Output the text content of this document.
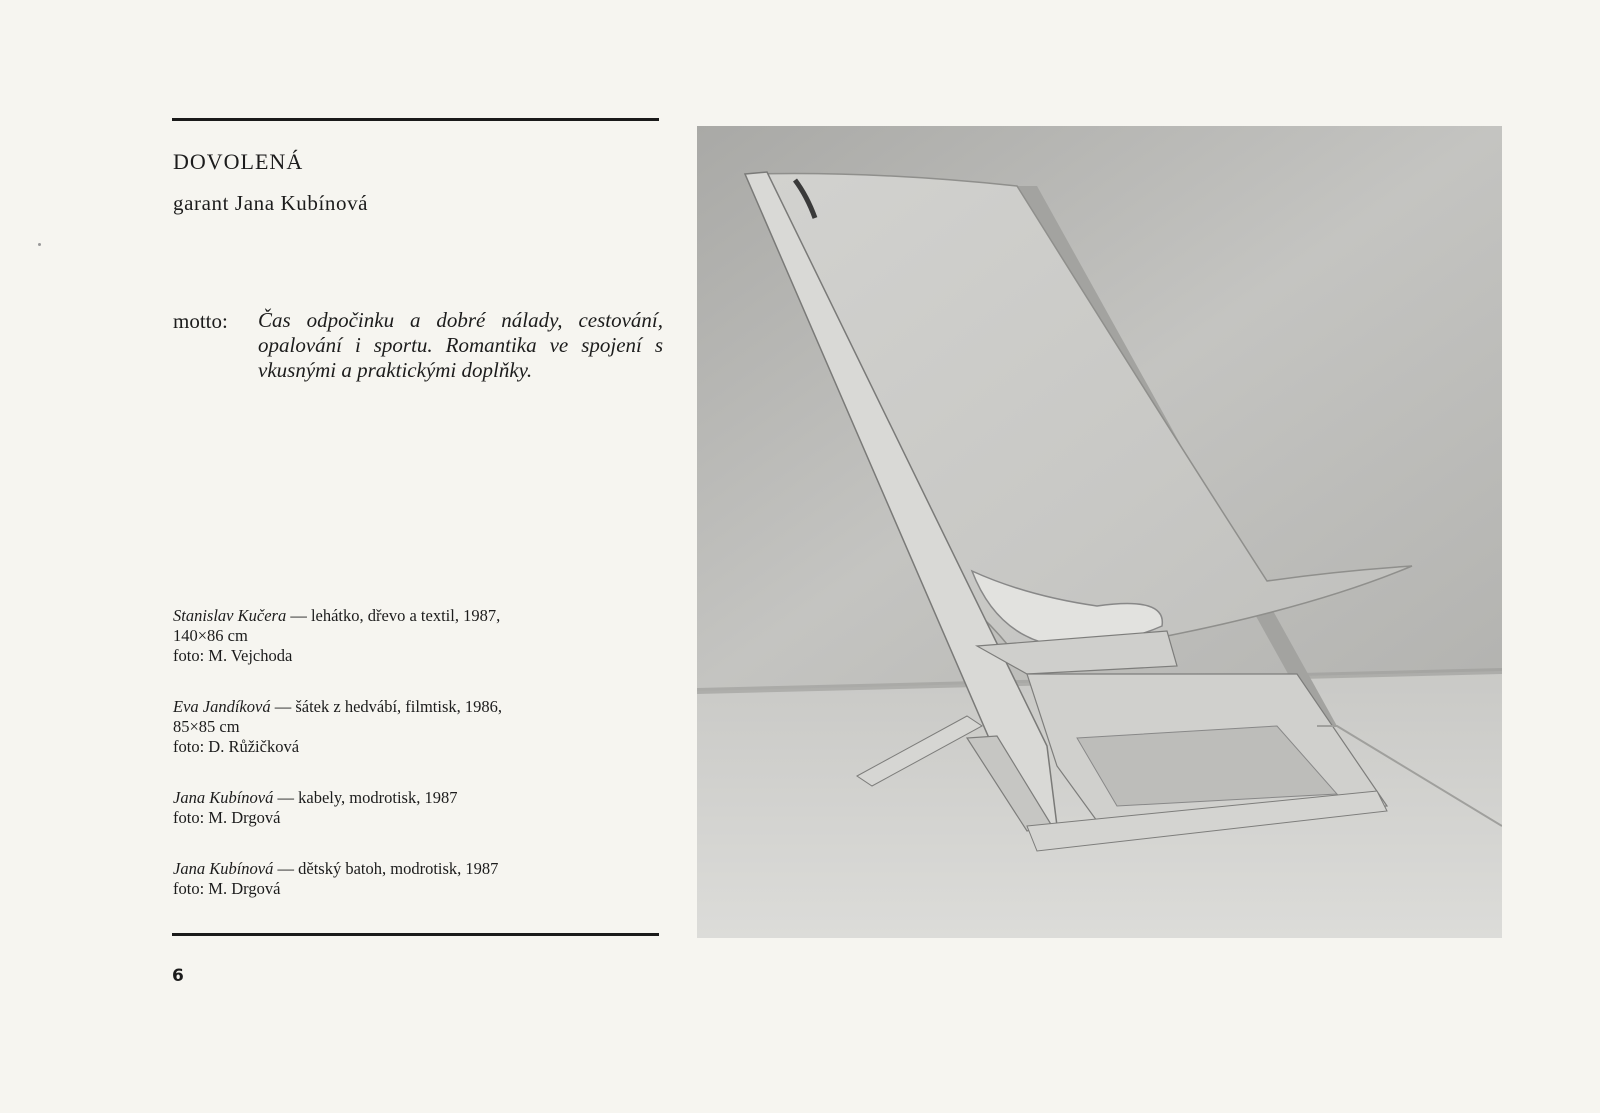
DOVOLENÁ
garant Jana Kubínová
motto: Čas odpočinku a dobré nálady, cestování, opalování i sportu. Romantika ve spojení s vkusnými a praktickými doplňky.
Stanislav Kučera — lehátko, dřevo a textil, 1987,
140×86 cm
foto: M. Vejchoda
Eva Jandíková — šátek z hedvábí, filmtisk, 1986,
85×85 cm
foto: D. Růžičková
Jana Kubínová — kabely, modrotisk, 1987
foto: M. Drgová
Jana Kubínová — dětský batoh, modrotisk, 1987
foto: M. Drgová
6
